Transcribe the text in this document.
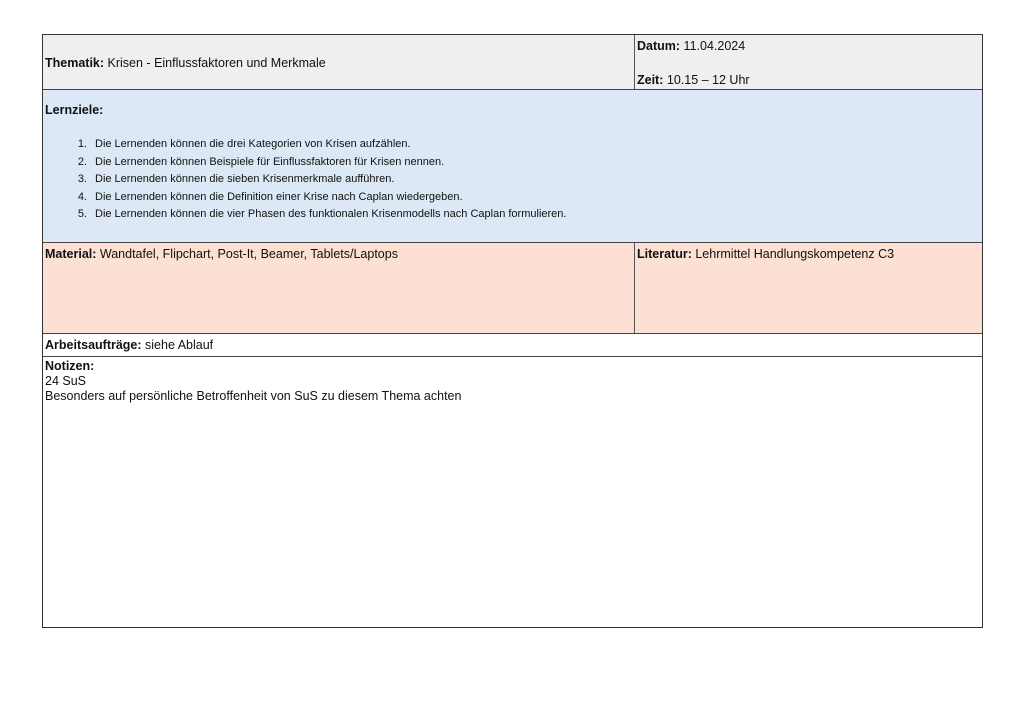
Thematik: Krisen - Einflussfaktoren und Merkmale
Datum: 11.04.2024
Zeit: 10.15 – 12 Uhr
Lernziele:
1. Die Lernenden können die drei Kategorien von Krisen aufzählen.
2. Die Lernenden können Beispiele für Einflussfaktoren für Krisen nennen.
3. Die Lernenden können die sieben Krisenmerkmale aufführen.
4. Die Lernenden können die Definition einer Krise nach Caplan wiedergeben.
5. Die Lernenden können die vier Phasen des funktionalen Krisenmodells nach Caplan formulieren.
Material: Wandtafel, Flipchart, Post-It, Beamer, Tablets/Laptops	Literatur: Lehrmittel Handlungskompetenz C3
Arbeitsaufträge: siehe Ablauf
Notizen:
24 SuS
Besonders auf persönliche Betroffenheit von SuS zu diesem Thema achten
